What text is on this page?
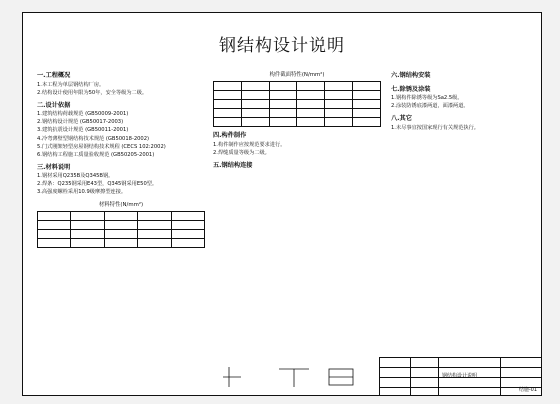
钢结构设计说明
一.工程概况
1.本工程为单层钢结构厂房。
2.结构设计使用年限为50年，安全等级为二级。
二.设计依据
1.建筑结构荷载规范 (GB50009-2001)
2.钢结构设计规范 (GB50017-2003)
3.建筑抗震设计规范 (GB50011-2001)
4.冷弯薄壁型钢结构技术规范 (GB50018-2002)
5.门式刚架轻型房屋钢结构技术规程 (CECS 102:2002)
6.钢结构工程施工质量验收规范 (GB50205-2001)
三.材料说明
1.钢材采用Q235B及Q345B钢。
2.焊条：Q235钢采用E43型，Q345钢采用E50型。
3.高强度螺栓采用10.9级摩擦型连接。
材料特性(N/mm²)

构件截面特性(N/mm²)

四.构件制作
1.构件制作应按规范要求进行。
2.焊缝质量等级为二级。
五.钢结构连接
六.钢结构安装
七.除锈及涂装
1.钢构件除锈等级为Sa2.5级。
2.涂装防锈底漆两道，面漆两道。
八.其它
1.未尽事宜按国家现行有关规范执行。
钢结构设计说明
结施-01
